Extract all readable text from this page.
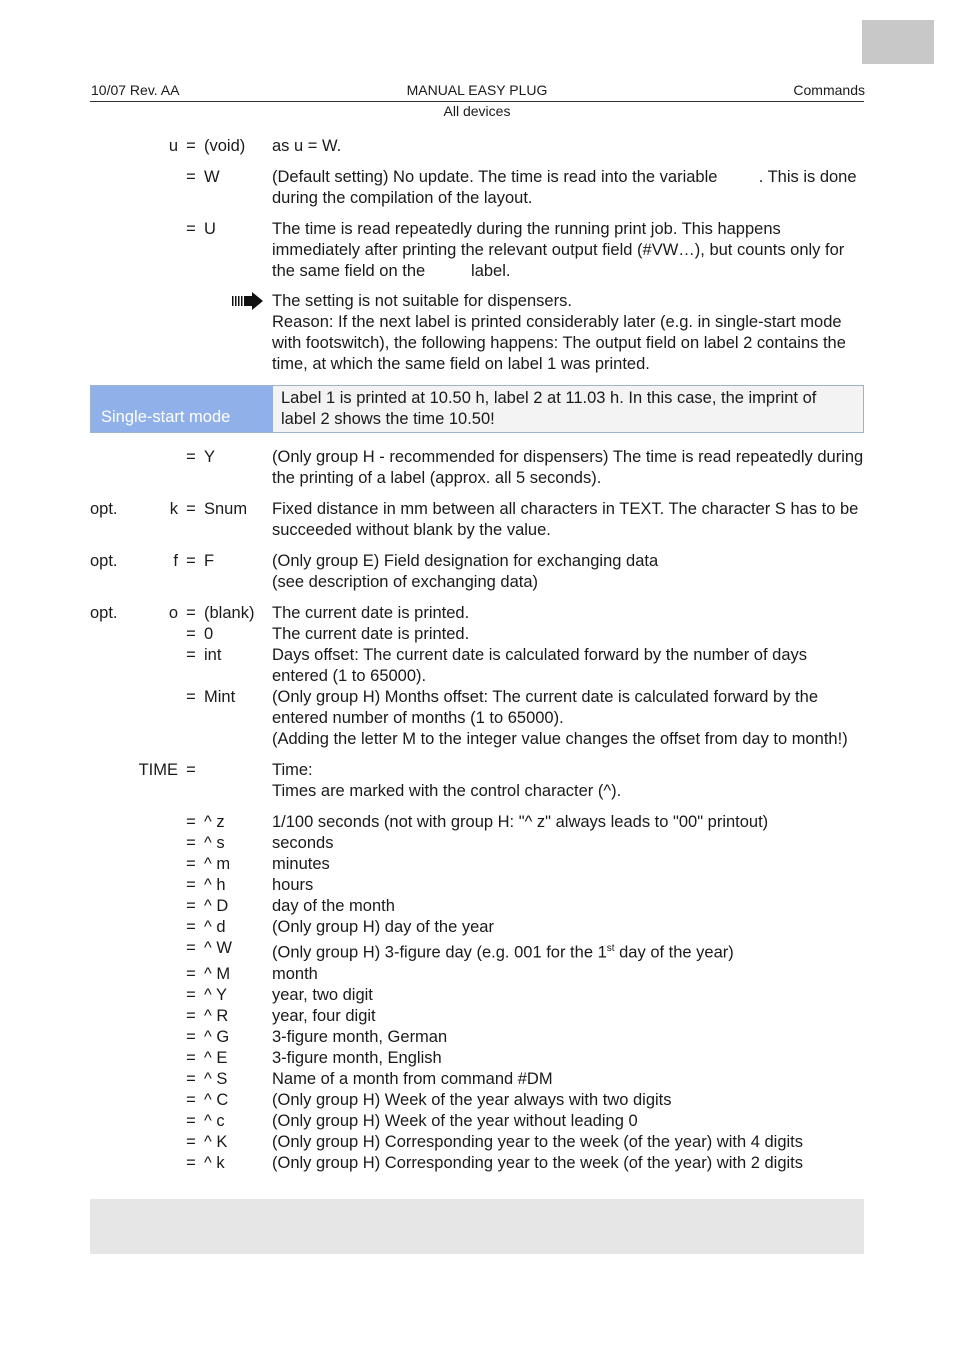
10/07 Rev. AA	MANUAL EASY PLUG	Commands
All devices
u = (void)	as u = W.
= W	(Default setting) No update. The time is read into the variable         . This is done during the compilation of the layout.
= U	The time is read repeatedly during the running print job. This happens immediately after printing the relevant output field (#VW…), but counts only for the same field on the          label.
The setting is not suitable for dispensers.
Reason: If the next label is printed considerably later (e.g. in single-start mode with footswitch), the following happens: The output field on label 2 contains the time, at which the same field on label 1 was printed.
Single-start mode
Label 1 is printed at 10.50 h, label 2 at 11.03 h. In this case, the imprint of label 2 shows the time 10.50!
= Y	(Only group H - recommended for dispensers) The time is read repeatedly during the printing of a label (approx. all 5 seconds).
opt.	k = Snum	Fixed distance in mm between all characters in TEXT. The character S has to be succeeded without blank by the value.
opt.	f = F	(Only group E) Field designation for exchanging data
(see description of exchanging data)
opt.	o = (blank)	The current date is printed.
= 0	The current date is printed.
= int	Days offset: The current date is calculated forward by the number of days entered (1 to 65000).
= Mint	(Only group H) Months offset: The current date is calculated forward by the entered number of months (1 to 65000).
(Adding the letter M to the integer value changes the offset from day to month!)
TIME =	Time:
Times are marked with the control character (^).
= ^ z	1/100 seconds (not with group H: "^ z" always leads to "00" printout)
= ^ s	seconds
= ^ m	minutes
= ^ h	hours
= ^ D	day of the month
= ^ d	(Only group H) day of the year
= ^ W	(Only group H) 3-figure day (e.g. 001 for the 1st day of the year)
= ^ M	month
= ^ Y	year, two digit
= ^ R	year, four digit
= ^ G	3-figure month, German
= ^ E	3-figure month, English
= ^ S	Name of a month from command #DM
= ^ C	(Only group H) Week of the year always with two digits
= ^ c	(Only group H) Week of the year without leading 0
= ^ K	(Only group H) Corresponding year to the week (of the year) with 4 digits
= ^ k	(Only group H) Corresponding year to the week (of the year) with 2 digits
